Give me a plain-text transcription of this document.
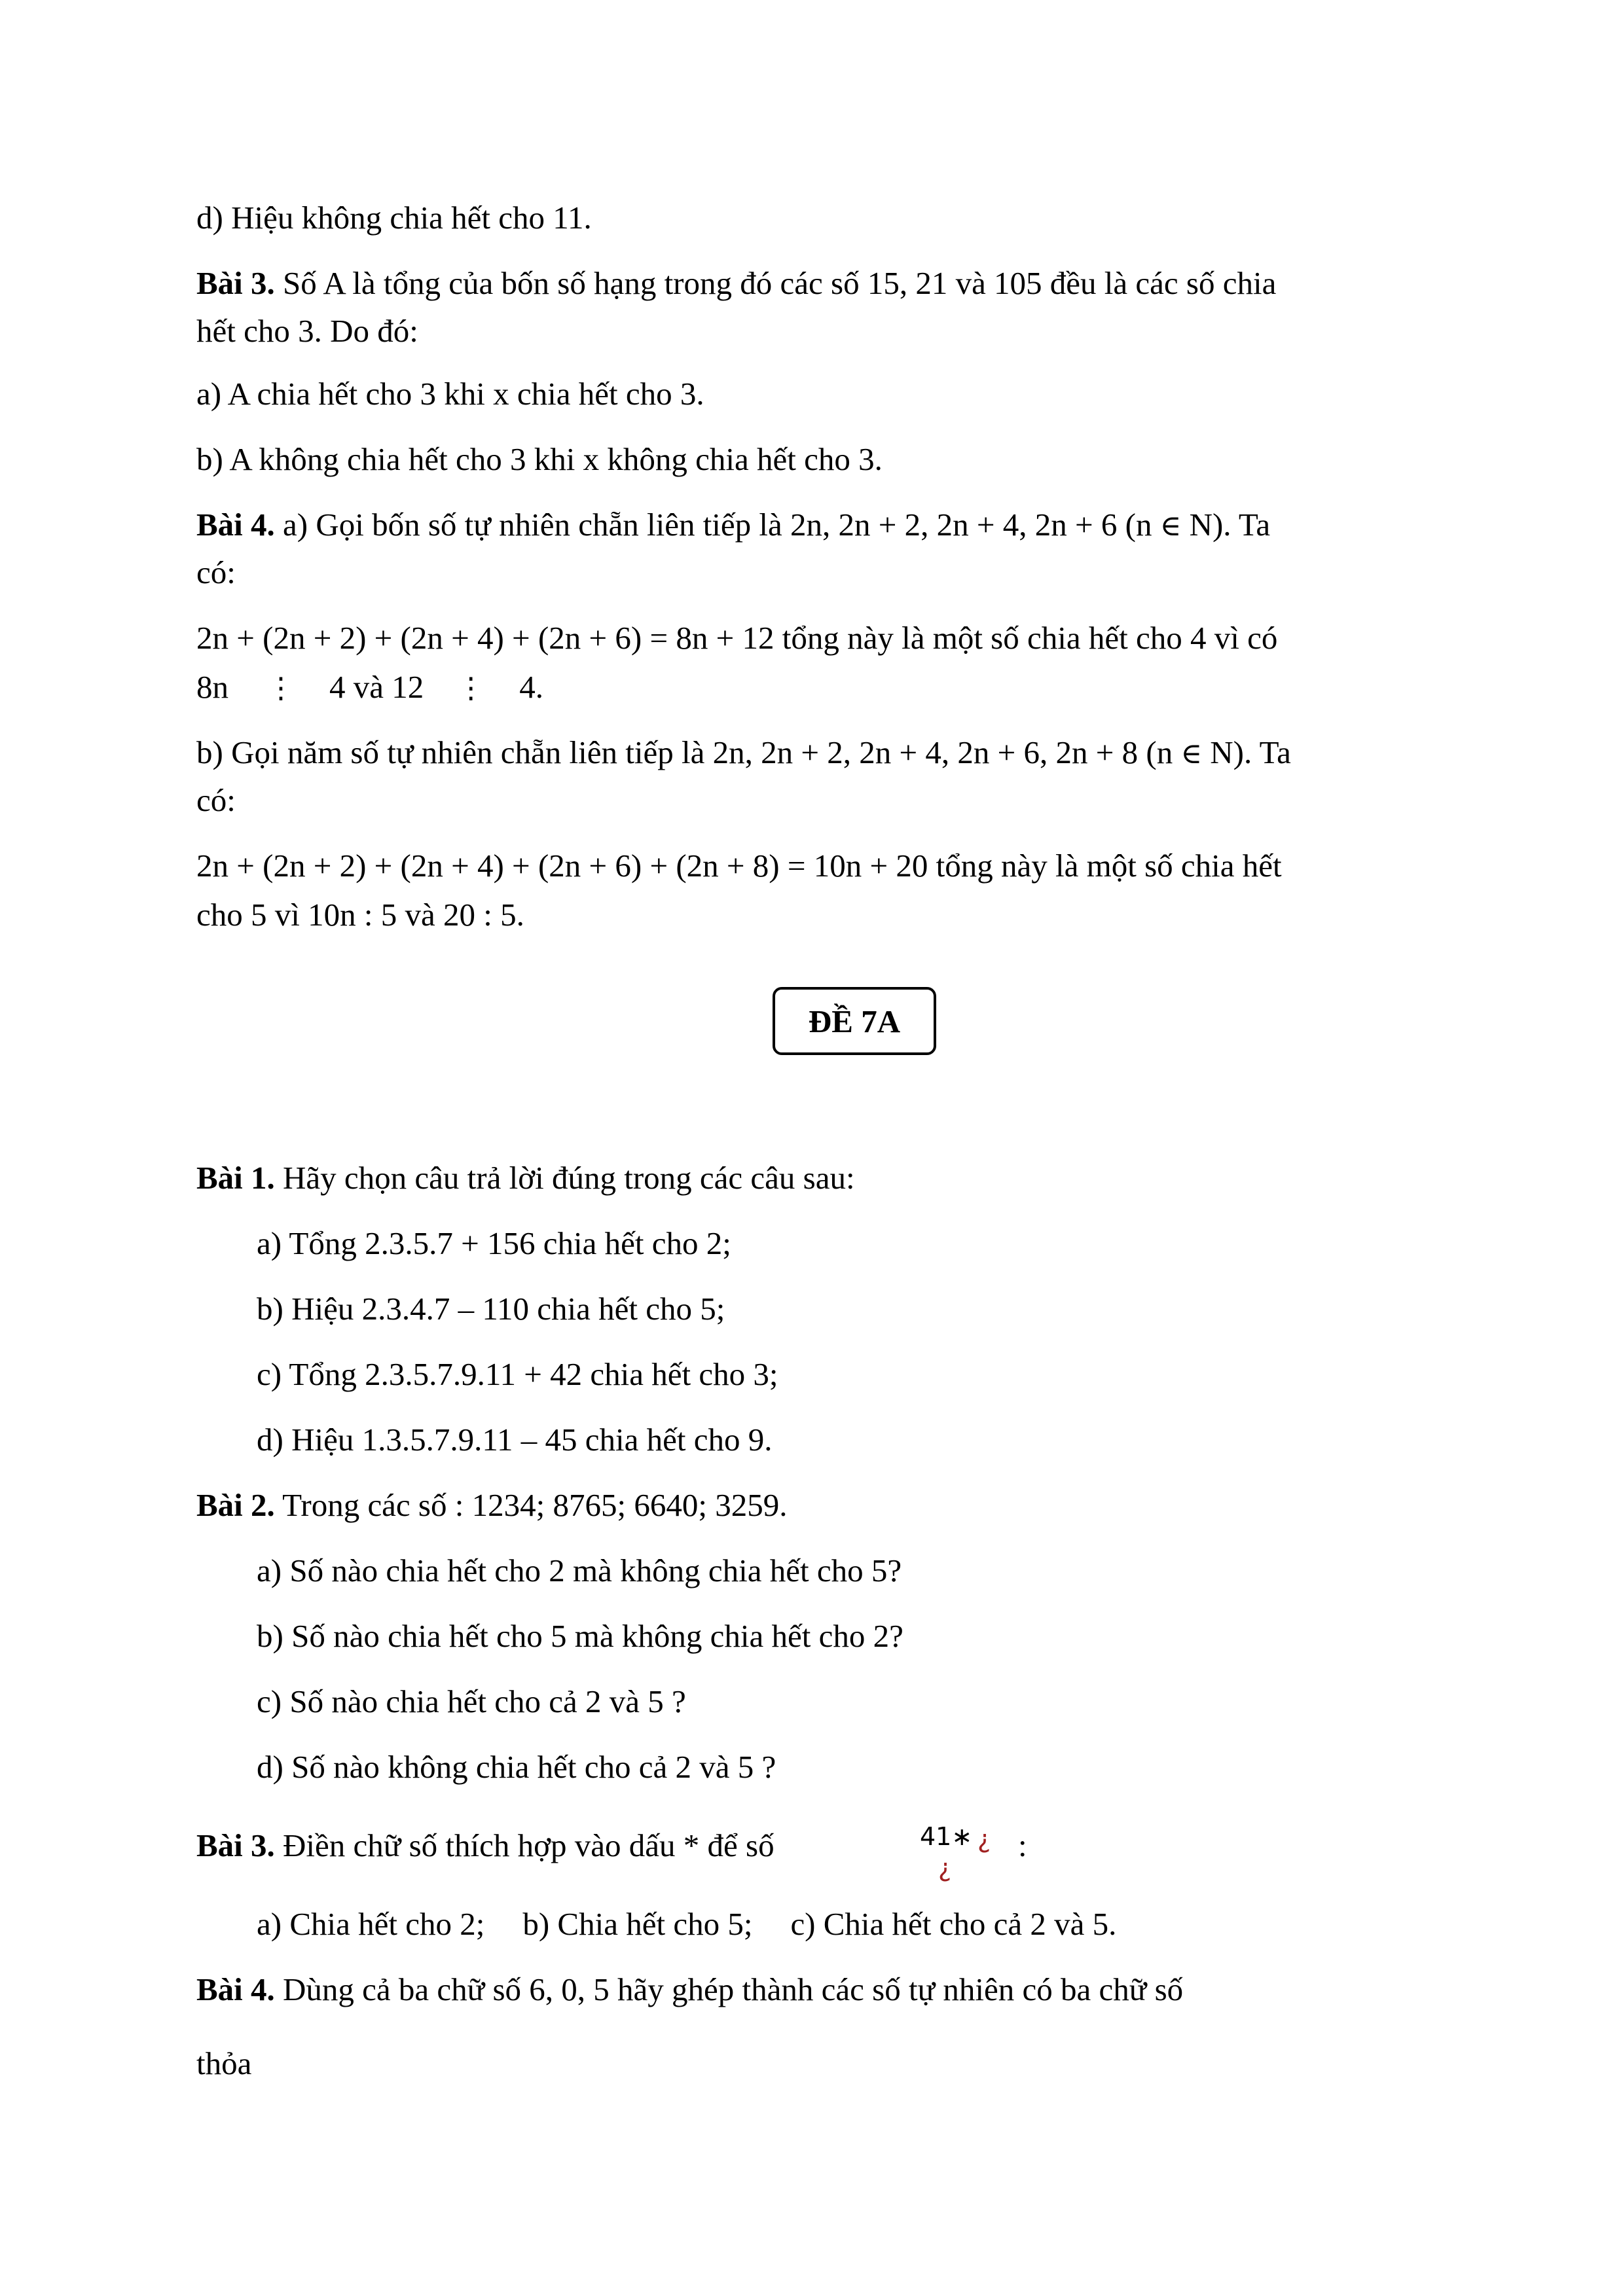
d) Hiệu không chia hết cho 11.
Bài 3. Số A là tổng của bốn số hạng trong đó các số 15, 21 và 105 đều là các số chia
hết cho 3. Do đó:
a) A chia hết cho 3 khi x chia hết cho 3.
b) A không chia hết cho 3 khi x không chia hết cho 3.
Bài 4. a) Gọi bốn số tự nhiên chẵn liên tiếp là 2n, 2n + 2, 2n + 4, 2n + 6 (n ∈ N). Ta
có:
2n + (2n + 2) + (2n + 4) + (2n + 6) = 8n + 12 tổng này là một số chia hết cho 4 vì có
8n ⋮ 4 và 12 ⋮ 4.
b) Gọi năm số tự nhiên chẵn liên tiếp là 2n, 2n + 2, 2n + 4, 2n + 6, 2n + 8 (n ∈ N). Ta
có:
2n + (2n + 2) + (2n + 4) + (2n + 6) + (2n + 8) = 10n + 20 tổng này là một số chia hết
cho 5 vì 10n : 5 và 20 : 5.
ĐỀ 7A
Bài 1. Hãy chọn câu trả lời đúng trong các câu sau:
a) Tổng 2.3.5.7 + 156 chia hết cho 2;
b) Hiệu 2.3.4.7 – 110 chia hết cho 5;
c) Tổng 2.3.5.7.9.11 + 42 chia hết cho 3;
d) Hiệu 1.3.5.7.9.11 – 45 chia hết cho 9.
Bài 2. Trong các số : 1234; 8765; 6640; 3259.
a) Số nào chia hết cho 2 mà không chia hết cho 5?
b) Số nào chia hết cho 5 mà không chia hết cho 2?
c) Số nào chia hết cho cả 2 và 5 ?
d) Số nào không chia hết cho cả 2 và 5 ?
Bài 3. Điền chữ số thích hợp vào dấu * để số	41∗ ¿
¿
:
a) Chia hết cho 2; b) Chia hết cho 5; c) Chia hết cho cả 2 và 5.
Bài 4. Dùng cả ba chữ số 6, 0, 5 hãy ghép thành các số tự nhiên có ba chữ số
thỏa
